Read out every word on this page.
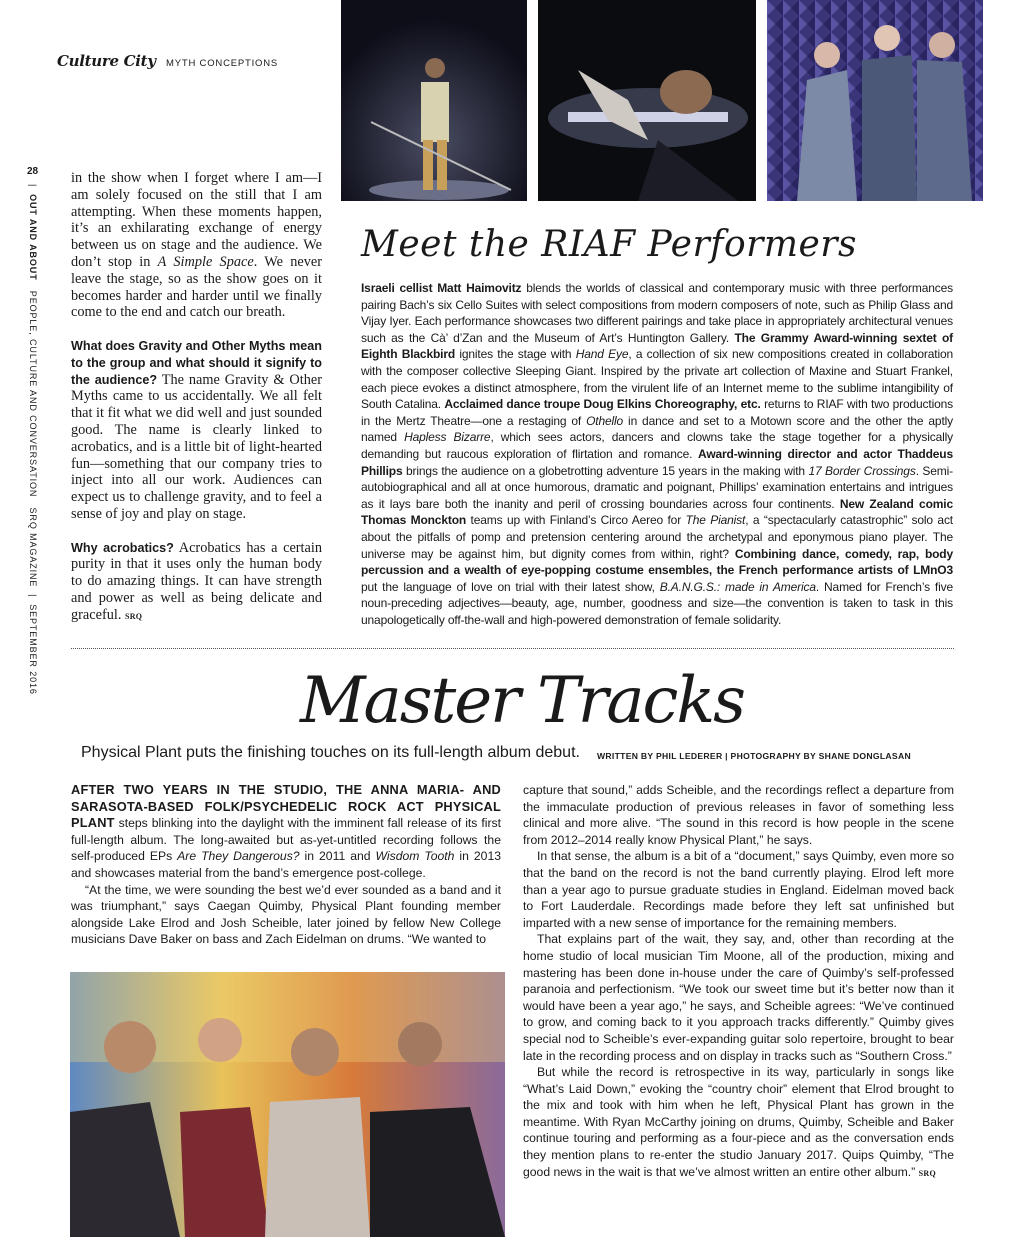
Culture City MYTH CONCEPTIONS
28
|  OUT AND ABOUT   PEOPLE, CULTURE AND CONVERSATION   SRQ MAGAZINE  |  SEPTEMBER 2016

in the show when I forget where I am—I am solely focused on the still that I am attempting. When these moments happen, it’s an exhilarating exchange of energy between us on stage and the audience. We don’t stop in A Simple Space. We never leave the stage, so as the show goes on it becomes harder and harder until we finally come to the end and catch our breath.

What does Gravity and Other Myths mean to the group and what should it signify to the audience? The name Gravity & Other Myths came to us accidentally. We all felt that it fit what we did well and just sounded good. The name is clearly linked to acrobatics, and is a little bit of light-hearted fun—something that our company tries to inject into all our work. Audiences can expect us to challenge gravity, and to feel a sense of joy and play on stage.

Why acrobatics? Acrobatics has a certain purity in that it uses only the human body to do amazing things. It can have strength and power as well as being delicate and graceful. SRQ

Meet the RIAF Performers
Israeli cellist Matt Haimovitz blends the worlds of classical and contemporary music with three performances pairing Bach’s six Cello Suites with select compositions from modern composers of note, such as Philip Glass and Vijay Iyer. Each performance showcases two different pairings and take place in appropriately architectural venues such as the Cà’ d’Zan and the Museum of Art’s Huntington Gallery. The Grammy Award-winning sextet of Eighth Blackbird ignites the stage with Hand Eye, a collection of six new compositions created in collaboration with the composer collective Sleeping Giant. Inspired by the private art collection of Maxine and Stuart Frankel, each piece evokes a distinct atmosphere, from the virulent life of an Internet meme to the sublime intangibility of South Catalina. Acclaimed dance troupe Doug Elkins Choreography, etc. returns to RIAF with two productions in the Mertz Theatre—one a restaging of Othello in dance and set to a Motown score and the other the aptly named Hapless Bizarre, which sees actors, dancers and clowns take the stage together for a physically demanding but raucous exploration of flirtation and romance. Award-winning director and actor Thaddeus Phillips brings the audience on a globetrotting adventure 15 years in the making with 17 Border Crossings. Semi-autobiographical and all at once humorous, dramatic and poignant, Phillips’ examination entertains and intrigues as it lays bare both the inanity and peril of crossing boundaries across four continents. New Zealand comic Thomas Monckton teams up with Finland’s Circo Aereo for The Pianist, a “spectacularly catastrophic” solo act about the pitfalls of pomp and pretension centering around the archetypal and eponymous piano player. The universe may be against him, but dignity comes from within, right? Combining dance, comedy, rap, body percussion and a wealth of eye-popping costume ensembles, the French performance artists of LMnO3 put the language of love on trial with their latest show, B.A.N.G.S.: made in America. Named for French’s five noun-preceding adjectives—beauty, age, number, goodness and size—the convention is taken to task in this unapologetically off-the-wall and high-powered demonstration of female solidarity.
Master Tracks
Physical Plant puts the finishing touches on its full-length album debut. WRITTEN BY PHIL LEDERER | PHOTOGRAPHY BY SHANE DONGLASAN

AFTER TWO YEARS IN THE STUDIO, THE ANNA MARIA- AND SARASOTA-BASED FOLK/PSYCHEDELIC ROCK ACT PHYSICAL PLANT steps blinking into the daylight with the imminent fall release of its first full-length album. The long-awaited but as-yet-untitled recording follows the self-produced EPs Are They Dangerous? in 2011 and Wisdom Tooth in 2013 and showcases material from the band’s emergence post-college.

“At the time, we were sounding the best we’d ever sounded as a band and it was triumphant,” says Caegan Quimby, Physical Plant founding member alongside Lake Elrod and Josh Scheible, later joined by fellow New College musicians Dave Baker on bass and Zach Eidelman on drums. “We wanted to

capture that sound,” adds Scheible, and the recordings reflect a departure from the immaculate production of previous releases in favor of something less clinical and more alive. “The sound in this record is how people in the scene from 2012–2014 really know Physical Plant,” he says.

In that sense, the album is a bit of a “document,” says Quimby, even more so that the band on the record is not the band currently playing. Elrod left more than a year ago to pursue graduate studies in England. Eidelman moved back to Fort Lauderdale. Recordings made before they left sat unfinished but imparted with a new sense of importance for the remaining members.

That explains part of the wait, they say, and, other than recording at the home studio of local musician Tim Moone, all of the production, mixing and mastering has been done in-house under the care of Quimby’s self-professed paranoia and perfectionism. “We took our sweet time but it’s better now than it would have been a year ago,” he says, and Scheible agrees: “We’ve continued to grow, and coming back to it you approach tracks differently.” Quimby gives special nod to Scheible’s ever-expanding guitar solo repertoire, brought to bear late in the recording process and on display in tracks such as “Southern Cross.”

But while the record is retrospective in its way, particularly in songs like “What’s Laid Down,” evoking the “country choir” element that Elrod brought to the mix and took with him when he left, Physical Plant has grown in the meantime. With Ryan McCarthy joining on drums, Quimby, Scheible and Baker continue touring and performing as a four-piece and as the conversation ends they mention plans to re-enter the studio January 2017. Quips Quimby, “The good news in the wait is that we’ve almost written an entire other album.” SRQ
